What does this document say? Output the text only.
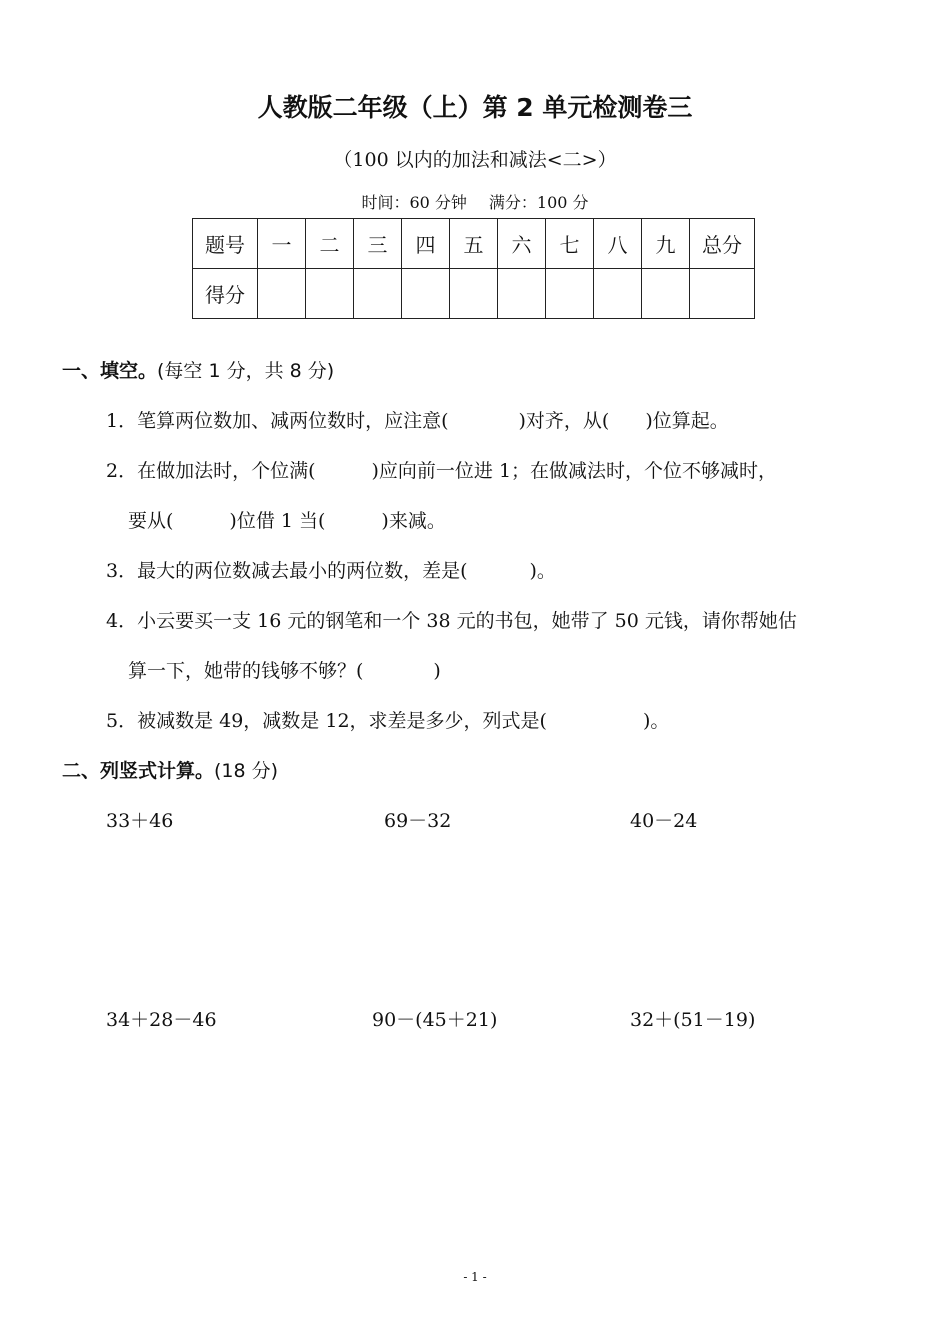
人教版二年级（上）第 2 单元检测卷三
（100 以内的加法和减法<二>）
时间：60 分钟 满分：100 分
题号	一	二	三	四	五	六	七	八	九	总分
得分										
一、填空。(每空 1 分，共 8 分)
1．笔算两位数加、减两位数时，应注意(	)对齐，从( )位算起。
2．在做加法时，个位满(	)应向前一位进 1；在做减法时，个位不够减时，
要从(	)位借 1 当(	)来减。
3．最大的两位数减去最小的两位数，差是(	)。
4．小云要买一支 16 元的钢笔和一个 38 元的书包，她带了 50 元钱，请你帮她估
算一下，她带的钱够不够？(	)
5．被减数是 49，减数是 12，求差是多少，列式是(	)。
二、列竖式计算。(18 分)
33＋46	69－32	40－24
34＋28－46	90－(45＋21)	32＋(51－19)
- 1 -
